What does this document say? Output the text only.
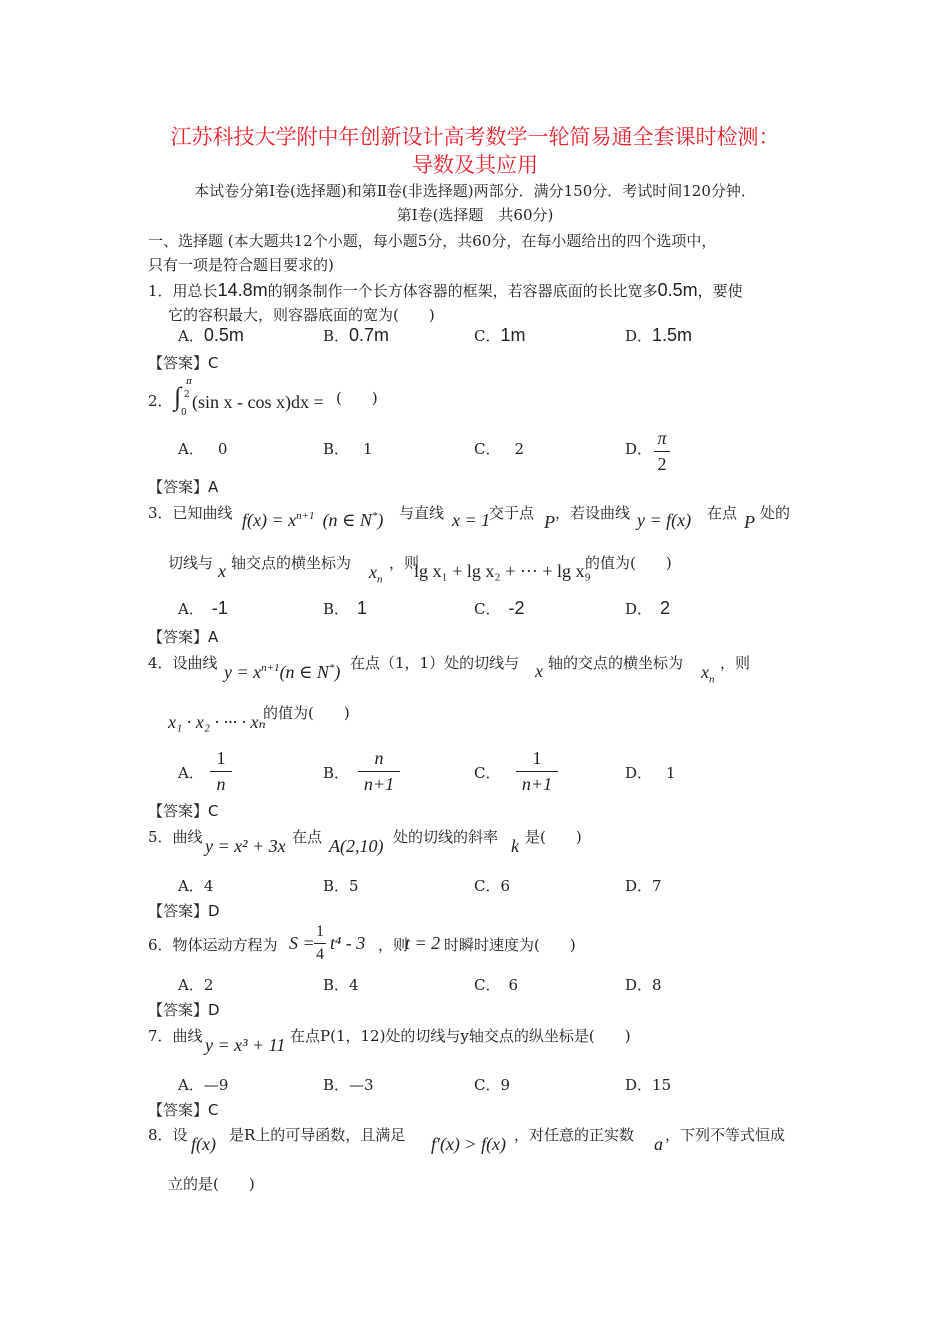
江苏科技大学附中年创新设计高考数学一轮简易通全套课时检测：
导数及其应用
本试卷分第Ⅰ卷(选择题)和第Ⅱ卷(非选择题)两部分．满分150分．考试时间120分钟．
第Ⅰ卷(选择题　共60分)
一、选择题 (本大题共12个小题，每小题5分，共60分，在每小题给出的四个选项中，
只有一项是符合题目要求的)
1．用总长14.8m的钢条制作一个长方体容器的框架，若容器底面的长比宽多0.5m，要使
它的容积最大，则容器底面的宽为(　　)
A．0.5m	B．0.7m	C．1m	D．1.5m
【答案】C
2． ∫ π
2
0
(sin x - cos x)dx = (　　)
A． 0	B． 1	C． 2	D．
π
2
【答案】A
3．已知曲线 $f(x) = x^{n+1}$ (n ∈ N*) 与直线 x = 1
交于点 P ，若设曲线 y = f(x) 在点 P 处的
切线与 x 轴交点的横坐标为 $x_n$
，则
lg x₁ + lg x₂ + ··· + lg x₉
的值为(　　)
A． -1	B． 1	C． -2	D． 2
【答案】A
4．设曲线 $y = x^{n+1}(n$ ∈ N*) 在点（1，1）处的切线与 x 轴的交点的横坐标为 $x_n$
，则
x₁ · x₂ · ··· · xₙ
的值为(　　)
A．
1
n
B．
n
n+1
C．
1
n+1
D． 1
【答案】C
5．曲线 y = x² + 3x 在点 A(2,10) 处的切线的斜率 k 是(　　)
A．4	B．5	C．6	D．7
【答案】D
6．物体运动方程为 S =
1
4
t⁴ - 3 ，则
t = 2 时瞬时速度为(　　)
A．2	B．4	C． 6	D．8
【答案】D
7．曲线 y = x³ + 11 在点P(1，12)处的切线与y轴交点的纵坐标是(　　)
A．—9	B．—3	C．9	D．15
【答案】C
8．设 f(x) 是R上的可导函数，且满足 f′(x) > f(x) ，对任意的正实数 a ，下列不等式恒成
立的是(　　)
